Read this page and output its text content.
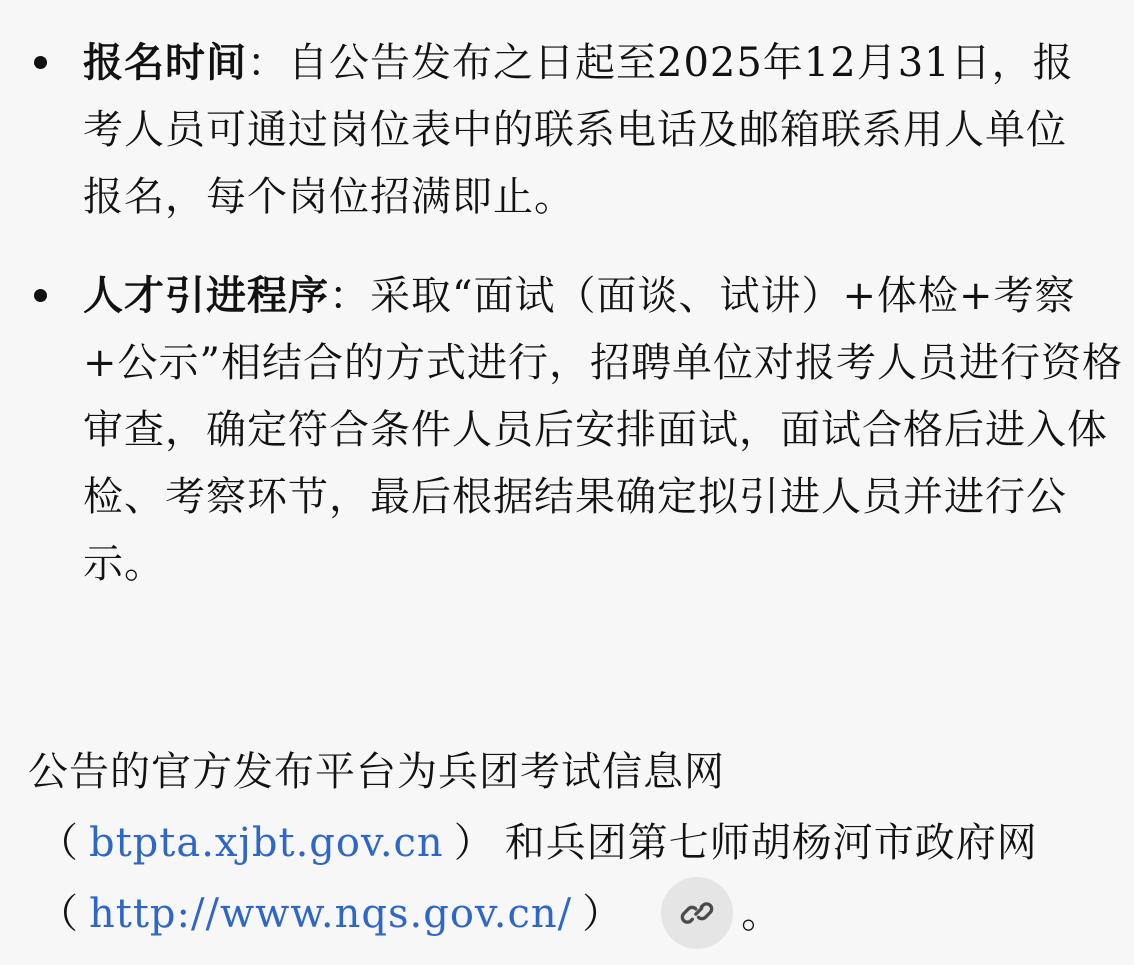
报名时间：自公告发布之日起至2025年12月31日，报考人员可通过岗位表中的联系电话及邮箱联系用人单位报名，每个岗位招满即止。
人才引进程序：采取“面试（面谈、试讲）+体检+考察+公示”相结合的方式进行，招聘单位对报考人员进行资格审查，确定符合条件人员后安排面试，面试合格后进入体检、考察环节，最后根据结果确定拟引进人员并进行公示。
公告的官方发布平台为兵团考试信息网
（ btpta.xjbt.gov.cn ） 和兵团第七师胡杨河市政府网
（ http://www.nqs.gov.cn/ ）	。
